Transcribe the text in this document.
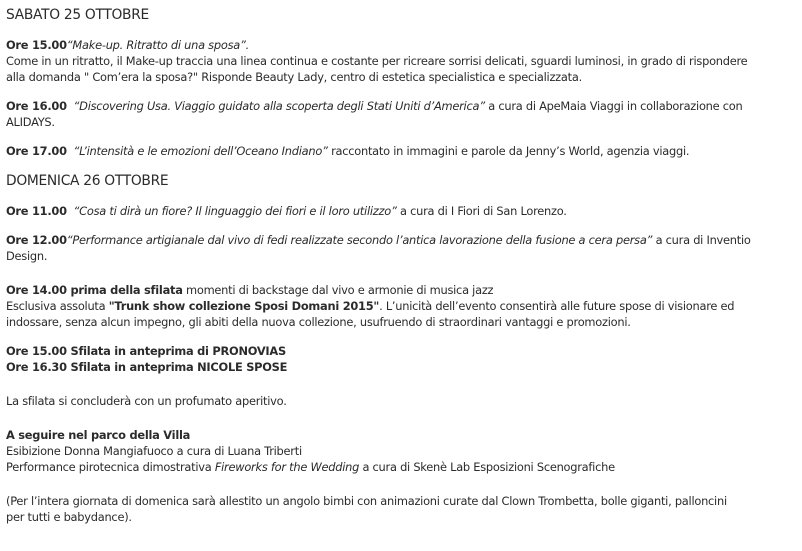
SABATO 25 OTTOBRE

Ore 15.00“Make-up. Ritratto di una sposa”.
Come in un ritratto, il Make-up traccia una linea continua e costante per ricreare sorrisi delicati, sguardi luminosi, in grado di rispondere
alla domanda " Com’era la sposa?" Risponde Beauty Lady, centro di estetica specialistica e specializzata.

Ore 16.00 “Discovering Usa. Viaggio guidato alla scoperta degli Stati Uniti d’America” a cura di ApeMaia Viaggi in collaborazione con
ALIDAYS.

Ore 17.00 “L’intensità e le emozioni dell’Oceano Indiano” raccontato in immagini e parole da Jenny’s World, agenzia viaggi.

DOMENICA 26 OTTOBRE

Ore 11.00 “Cosa ti dirà un fiore? Il linguaggio dei fiori e il loro utilizzo” a cura di I Fiori di San Lorenzo.

Ore 12.00“Performance artigianale dal vivo di fedi realizzate secondo l’antica lavorazione della fusione a cera persa” a cura di Inventio
Design.

Ore 14.00 prima della sfilata momenti di backstage dal vivo e armonie di musica jazz
Esclusiva assoluta "Trunk show collezione Sposi Domani 2015". L’unicità dell’evento consentirà alle future spose di visionare ed
indossare, senza alcun impegno, gli abiti della nuova collezione, usufruendo di straordinari vantaggi e promozioni.

Ore 15.00 Sfilata in anteprima di PRONOVIAS
Ore 16.30 Sfilata in anteprima NICOLE SPOSE

La sfilata si concluderà con un profumato aperitivo.

A seguire nel parco della Villa
Esibizione Donna Mangiafuoco a cura di Luana Triberti
Performance pirotecnica dimostrativa Fireworks for the Wedding a cura di Skenè Lab Esposizioni Scenografiche

(Per l’intera giornata di domenica sarà allestito un angolo bimbi con animazioni curate dal Clown Trombetta, bolle giganti, palloncini
per tutti e babydance).
